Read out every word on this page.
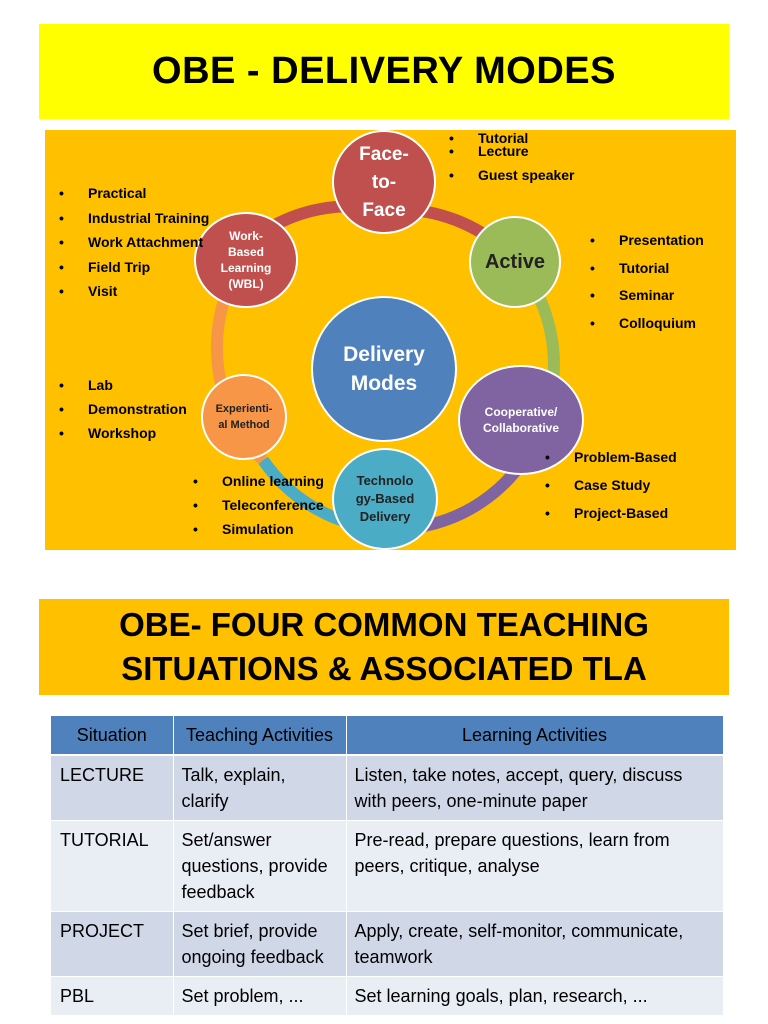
OBE - DELIVERY MODES
Delivery
Modes
Face-
to-
Face
Active
Cooperative/
Collaborative
Technolo
gy-Based
Delivery
Experienti-
al Method
Work-
Based
Learning
(WBL)
• Tutorial
• Lecture
• Guest speaker
• Presentation
• Tutorial
• Seminar
• Colloquium
• Problem-Based
• Case Study
• Project-Based
• Online learning
• Teleconference
• Simulation
• Lab
• Demonstration
• Workshop
• Practical
• Industrial Training
• Work Attachment
• Field Trip
• Visit
OBE- FOUR COMMON TEACHING
SITUATIONS & ASSOCIATED TLA
Situation	Teaching Activities	Learning Activities
LECTURE	Talk, explain, clarify	Listen, take notes, accept, query, discuss with peers, one-minute paper
TUTORIAL	Set/answer questions, provide feedback	Pre-read, prepare questions, learn from peers, critique, analyse
PROJECT	Set brief, provide ongoing feedback	Apply, create, self-monitor, communicate, teamwork
PBL	Set problem, ...	Set learning goals, plan, research, ...
